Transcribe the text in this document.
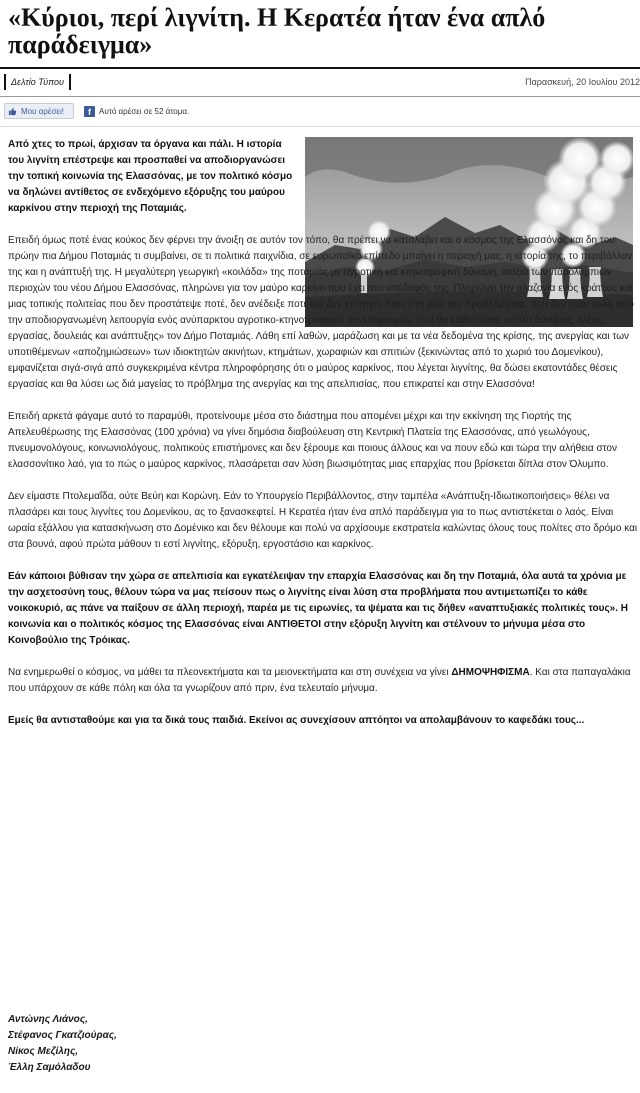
«Κύριοι, περί λιγνίτη. Η Κερατέα ήταν ένα απλό παράδειγμα»
Δελτίο Τύπου	Παρασκευή, 20 Ιουλίου 2012
Μου αρέσει!	f	Αυτό αρέσει σε 52 άτομα.

Από χτες το πρωί, άρχισαν τα όργανα και πάλι. Η ιστορία του λιγνίτη επέστρεψε και προσπαθεί να αποδιοργανώσει την τοπική κοινωνία της Ελασσόνας, με τον πολιτικό κόσμο να δηλώνει αντίθετος σε ενδεχόμενο εξόρυξης του μαύρου καρκίνου στην περιοχή της Ποταμιάς.

Επειδή όμως ποτέ ένας κούκος δεν φέρνει την άνοιξη σε αυτόν τον τόπο, θα πρέπει να καταλάβει και ο κόσμος της Ελασσόνας και δη του πρώην πια Δήμου Ποταμιάς τι συμβαίνει, σε τι πολιτικά παιχνίδια, σε ευρωπαϊκό επίπεδο μπαίνει η περιοχή μας, η ιστορία της, το περιβάλλον της και η ανάπτυξή της. Η μεγαλύτερη γεωργική «κοιλάδα» της ποταμιάς με αγροτική και κτηνοτροφική δύναμη, ισάξια των παρολύμπιων περιοχών του νέου Δήμου Ελασσόνας, πληρώνει για τον μαύρο καρκίνο που έχει στο υπέδαφός της. Πληρώνει την αλαζονία ενός κράτους και μιας τοπικής πολιτείας που δεν προστάτεψε ποτέ, δεν ανέδειξε ποτέ και δεν χτύπησε ποτέ στη ρίζα του προβλήματος, που δεν ήταν άλλη από την αποδιοργανωμένη λειτουργία ενός ανύπαρκτου αγροτικο-κτηνοτροφικού συνεταιρισμού, που θα καθιστούσε «πόλο δύναμης, έλξης, εργασίας, δουλειάς και ανάπτυξης» τον Δήμο Ποταμιάς. Λάθη επί λαθών, μαράζωση και με τα νέα δεδομένα της κρίσης, της ανεργίας και των υποτιθέμενων «αποζημιώσεων» των ιδιοκτητών ακινήτων, κτημάτων, χωραφιών και σπιτιών (ξεκινώντας από το χωριό του Δομενίκου), εμφανίζεται σιγά-σιγά από συγκεκριμένα κέντρα πληροφόρησης ότι ο μαύρος καρκίνος, που λέγεται λιγνίτης, θα δώσει εκατοντάδες θέσεις εργασίας και θα λύσει ως διά μαγείας το πρόβλημα της ανεργίας και της απελπισίας, που επικρατεί και στην Ελασσόνα!

Επειδή αρκετά φάγαμε αυτό το παραμύθι, προτείνουμε μέσα στο διάστημα που απομένει μέχρι και την εκκίνηση της Γιορτής της Απελευθέρωσης της Ελασσόνας (100 χρόνια) να γίνει δημόσια διαβούλευση στη Κεντρική Πλατεία της Ελασσόνας, από γεωλόγους, πνευμονολόγους, κοινωνιολόγους, πολιτικούς επιστήμονες και δεν ξέρουμε και ποιους άλλους και να πουν εδώ και τώρα την αλήθεια στον ελασσονίτικο λαό, για το πώς ο μαύρος καρκίνος, πλασάρεται σαν λύση βιωσιμότητας μιας επαρχίας που βρίσκεται δίπλα στον Όλυμπο.

Δεν είμαστε Πτολεμαΐδα, ούτε Βεύη και Κορώνη. Εάν το Υπουργείο Περιβάλλοντος, στην ταμπέλα «Ανάπτυξη-Ιδιωτικοποιήσεις» θέλει να πλασάρει και τους λιγνίτες του Δομενίκου, ας το ξανασκεφτεί. Η Κερατέα ήταν ένα απλό παράδειγμα για το πως αντιστέκεται ο λαός. Είναι ωραία εξάλλου για κατασκήνωση στο Δομένικο και δεν θέλουμε και πολύ να αρχίσουμε εκστρατεία καλώντας όλους τους πολίτες στο δρόμο και στα βουνά, αφού πρώτα μάθουν τι εστί λιγνίτης, εξόρυξη, εργοστάσιο και καρκίνος.

Εάν κάποιοι βύθισαν την χώρα σε απελπισία και εγκατέλειψαν την επαρχία Ελασσόνας και δη την Ποταμιά, όλα αυτά τα χρόνια με την ασχετοσύνη τους, θέλουν τώρα να μας πείσουν πως ο λιγνίτης είναι λύση στα προβλήματα που αντιμετωπίζει το κάθε νοικοκυριό, ας πάνε να παίξουν σε άλλη περιοχή, παρέα με τις ειρωνίες, τα ψέματα και τις δήθεν «αναπτυξιακές πολιτικές τους». Η κοινωνία και ο πολιτικός κόσμος της Ελασσόνας είναι ΑΝΤΙΘΕΤΟΙ στην εξόρυξη λιγνίτη και στέλνουν το μήνυμα μέσα στο Κοινοβούλιο της Τρόικας.

Να ενημερωθεί ο κόσμος, να μάθει τα πλεονεκτήματα και τα μειονεκτήματα και στη συνέχεια να γίνει ΔΗΜΟΨΗΦΙΣΜΑ. Και στα παπαγαλάκια που υπάρχουν σε κάθε πόλη και όλα τα γνωρίζουν από πριν, ένα τελευταίο μήνυμα.

Εμείς θα αντισταθούμε και για τα δικά τους παιδιά. Εκείνοι ας συνεχίσουν απτόητοι να απολαμβάνουν το καφεδάκι τους...

Αντώνης Λιάνος,
Στέφανος Γκατζιούρας,
Νίκος Μεζίλης,
Έλλη Σαμόλαδου
